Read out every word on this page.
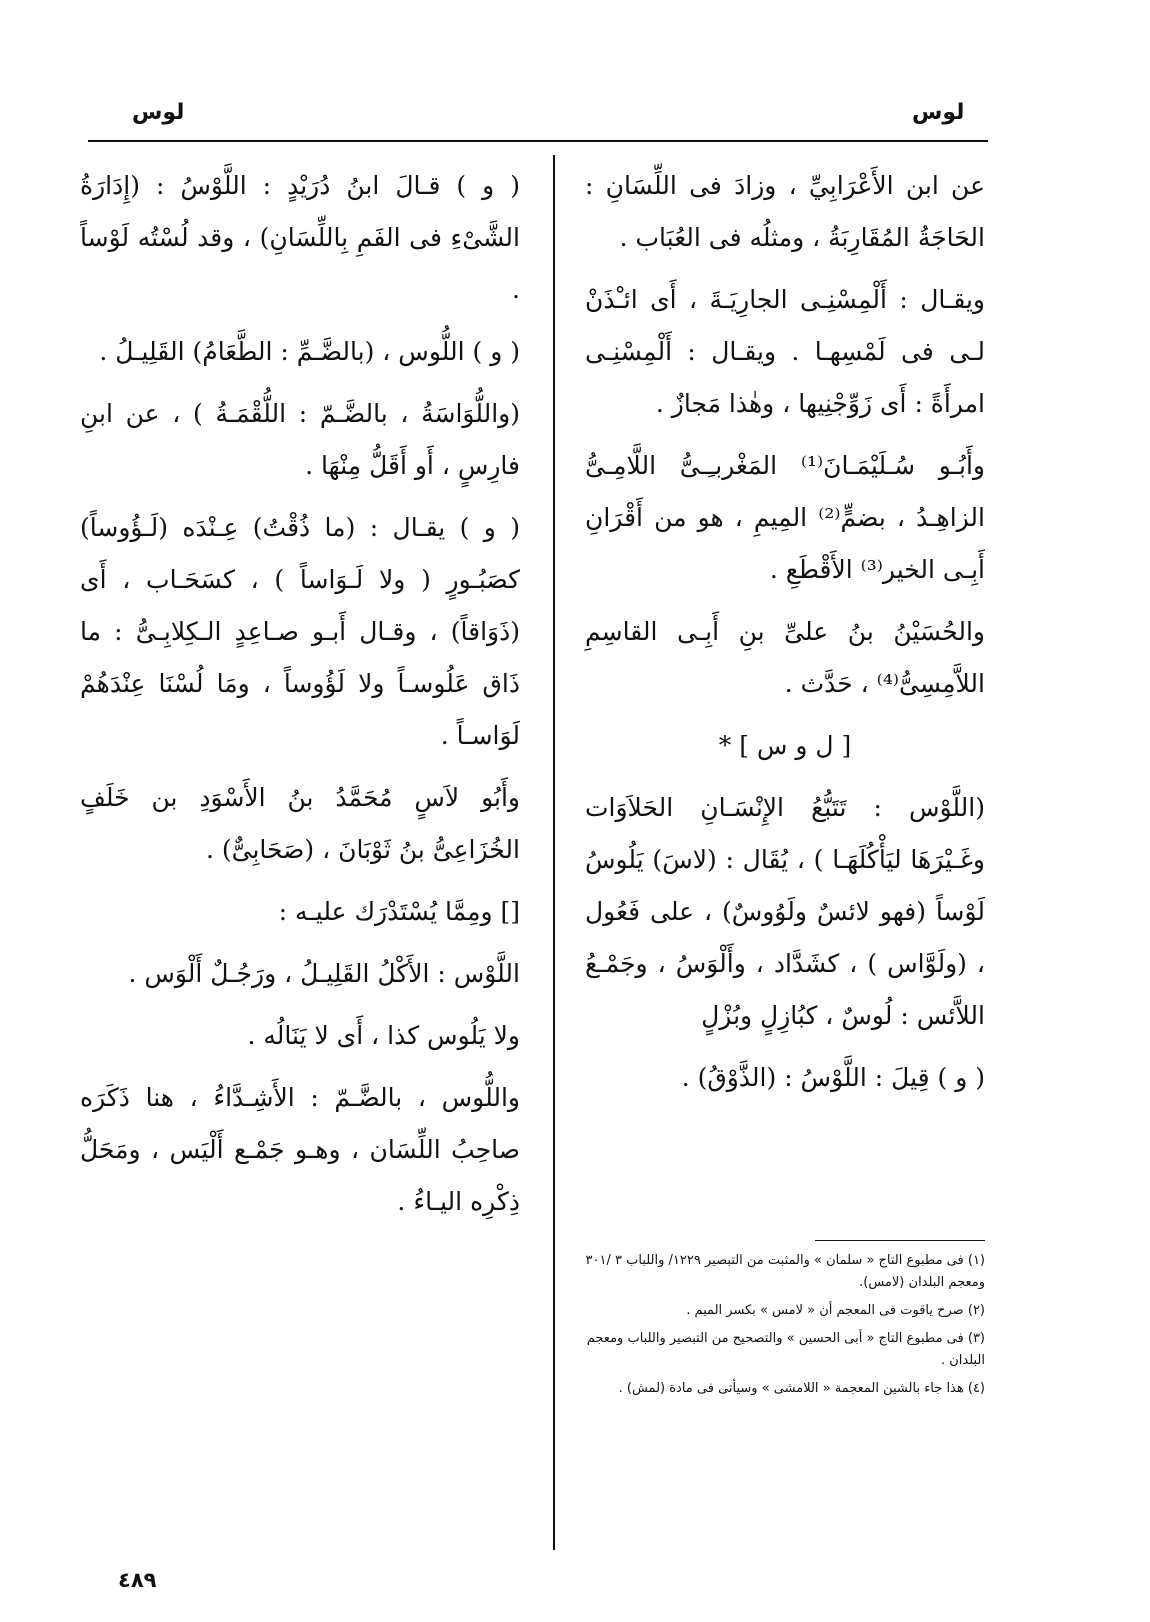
لوس	لوس

عن ابن الأَعْرَابِيِّ ، وزادَ فى اللِّسَانِ : الحَاجَةُ المُقَارِبَةُ ، ومثلُه فى العُبَاب .

ويقـال : أَلْمِسْنِـى الجارِيَـةَ ، أَى ائـْذَنْ لـى فى لَمْسِهـا . ويقـال : أَلْمِسْنِـى امرأَةً : أَى زَوِّجْنِيها ، وهٰذا مَجازٌ .

وأَبُـو سُـلَيْمَـانَ⁽¹⁾ المَغْربـِـىُّ اللَّامِـىُّ الزاهِـدُ ، بضمٍّ⁽²⁾ المِيمِ ، هو من أَقْرَانِ أَبِـى الخير⁽³⁾ الأَقْطَعِ .

والحُسَيْنُ بنُ علىِّ بنِ أَبِـى القاسِمِ اللاَّمِسِىُّ⁽⁴⁾ ، حَدَّث .

[ ل و س ] *

(اللَّوْس : تَتَبُّعُ الإِنْسَـانِ الحَلاَوَات وغَـيْرَهَا ليَأْكُلَهَـا ) ، يُقَال : (لاسَ) يَلُوسُ لَوْساً (فهو لائسٌ ولَوُوسٌ) ، على فَعُول ، (ولَوَّاس ) ، كشَدَّاد ، وأَلْوَسُ ، وجَمْـعُ اللاَّئس : لُوسٌ ، كبُازِلٍ وبُزْلٍ

( و ) قِيلَ : اللَّوْسُ : (الذَّوْقُ) .

( و ) قـالَ ابنُ دُرَيْدٍ : اللَّوْسُ : (إِدَارَةُ الشَّىْءِ فى الفَمِ بِاللِّسَانِ) ، وقد لُسْتُه لَوْساً .

( و ) اللُّوس ، (بالضَّـمِّ : الطَّعَامُ) القَلِيـلُ .

(واللُّوَاسَةُ ، بالضَّـمّ : اللُّقْمَـةُ ) ، عن ابنِ فارِسٍ ، أَو أَقَلُّ مِنْهَا .

( و ) يقـال : (ما ذُقْتُ) عِـنْدَه (لَـؤُوساً) كصَبُـورٍ ( ولا لَـوَاساً ) ، كسَحَـاب ، أَى (ذَوَاقاً) ، وقـال أَبـو صـاعِدٍ الـكِلابِـىُّ : ما ذَاق عَلُوسـاً ولا لَؤُوساً ، ومَا لُسْنَا عِنْدَهُمْ لَوَاسـاً .

وأَبُو لاَسٍ مُحَمَّدُ بنُ الأَسْوَدِ بن خَلَفٍ الخُزَاعِىُّ بنُ ثَوْبَانَ ، (صَحَابِىٌّ) .

[] ومِمَّا يُسْتَدْرَك عليـه :

اللَّوْس : الأَكْلُ القَلِيـلُ ، ورَجُـلٌ أَلْوَس .

ولا يَلُوس كذا ، أَى لا يَنَالُه .

واللُّوس ، بالضَّـمّ : الأَشِـدَّاءُ ، هنا ذَكَرَه صاحِبُ اللِّسَان ، وهـو جَمْـع أَلْيَس ، ومَحَلُّ ذِكْرِه اليـاءُ .

(١) فى مطبوع التاج « سلمان » والمثبت من التبصير ١٢٢٩/ واللباب ٣ /٣٠١ ومعجم البلدان (لامس).

(٢) صرح ياقوت فى المعجم أن « لامس » بكسر الميم .

(٣) فى مطبوع التاج « أبى الحسين » والتصحيح من التبصير واللباب ومعجم البلدان .

(٤) هذا جاء بالشين المعجمة « اللامشى » وسيأتى فى مادة (لمش) .

٤٨٩
